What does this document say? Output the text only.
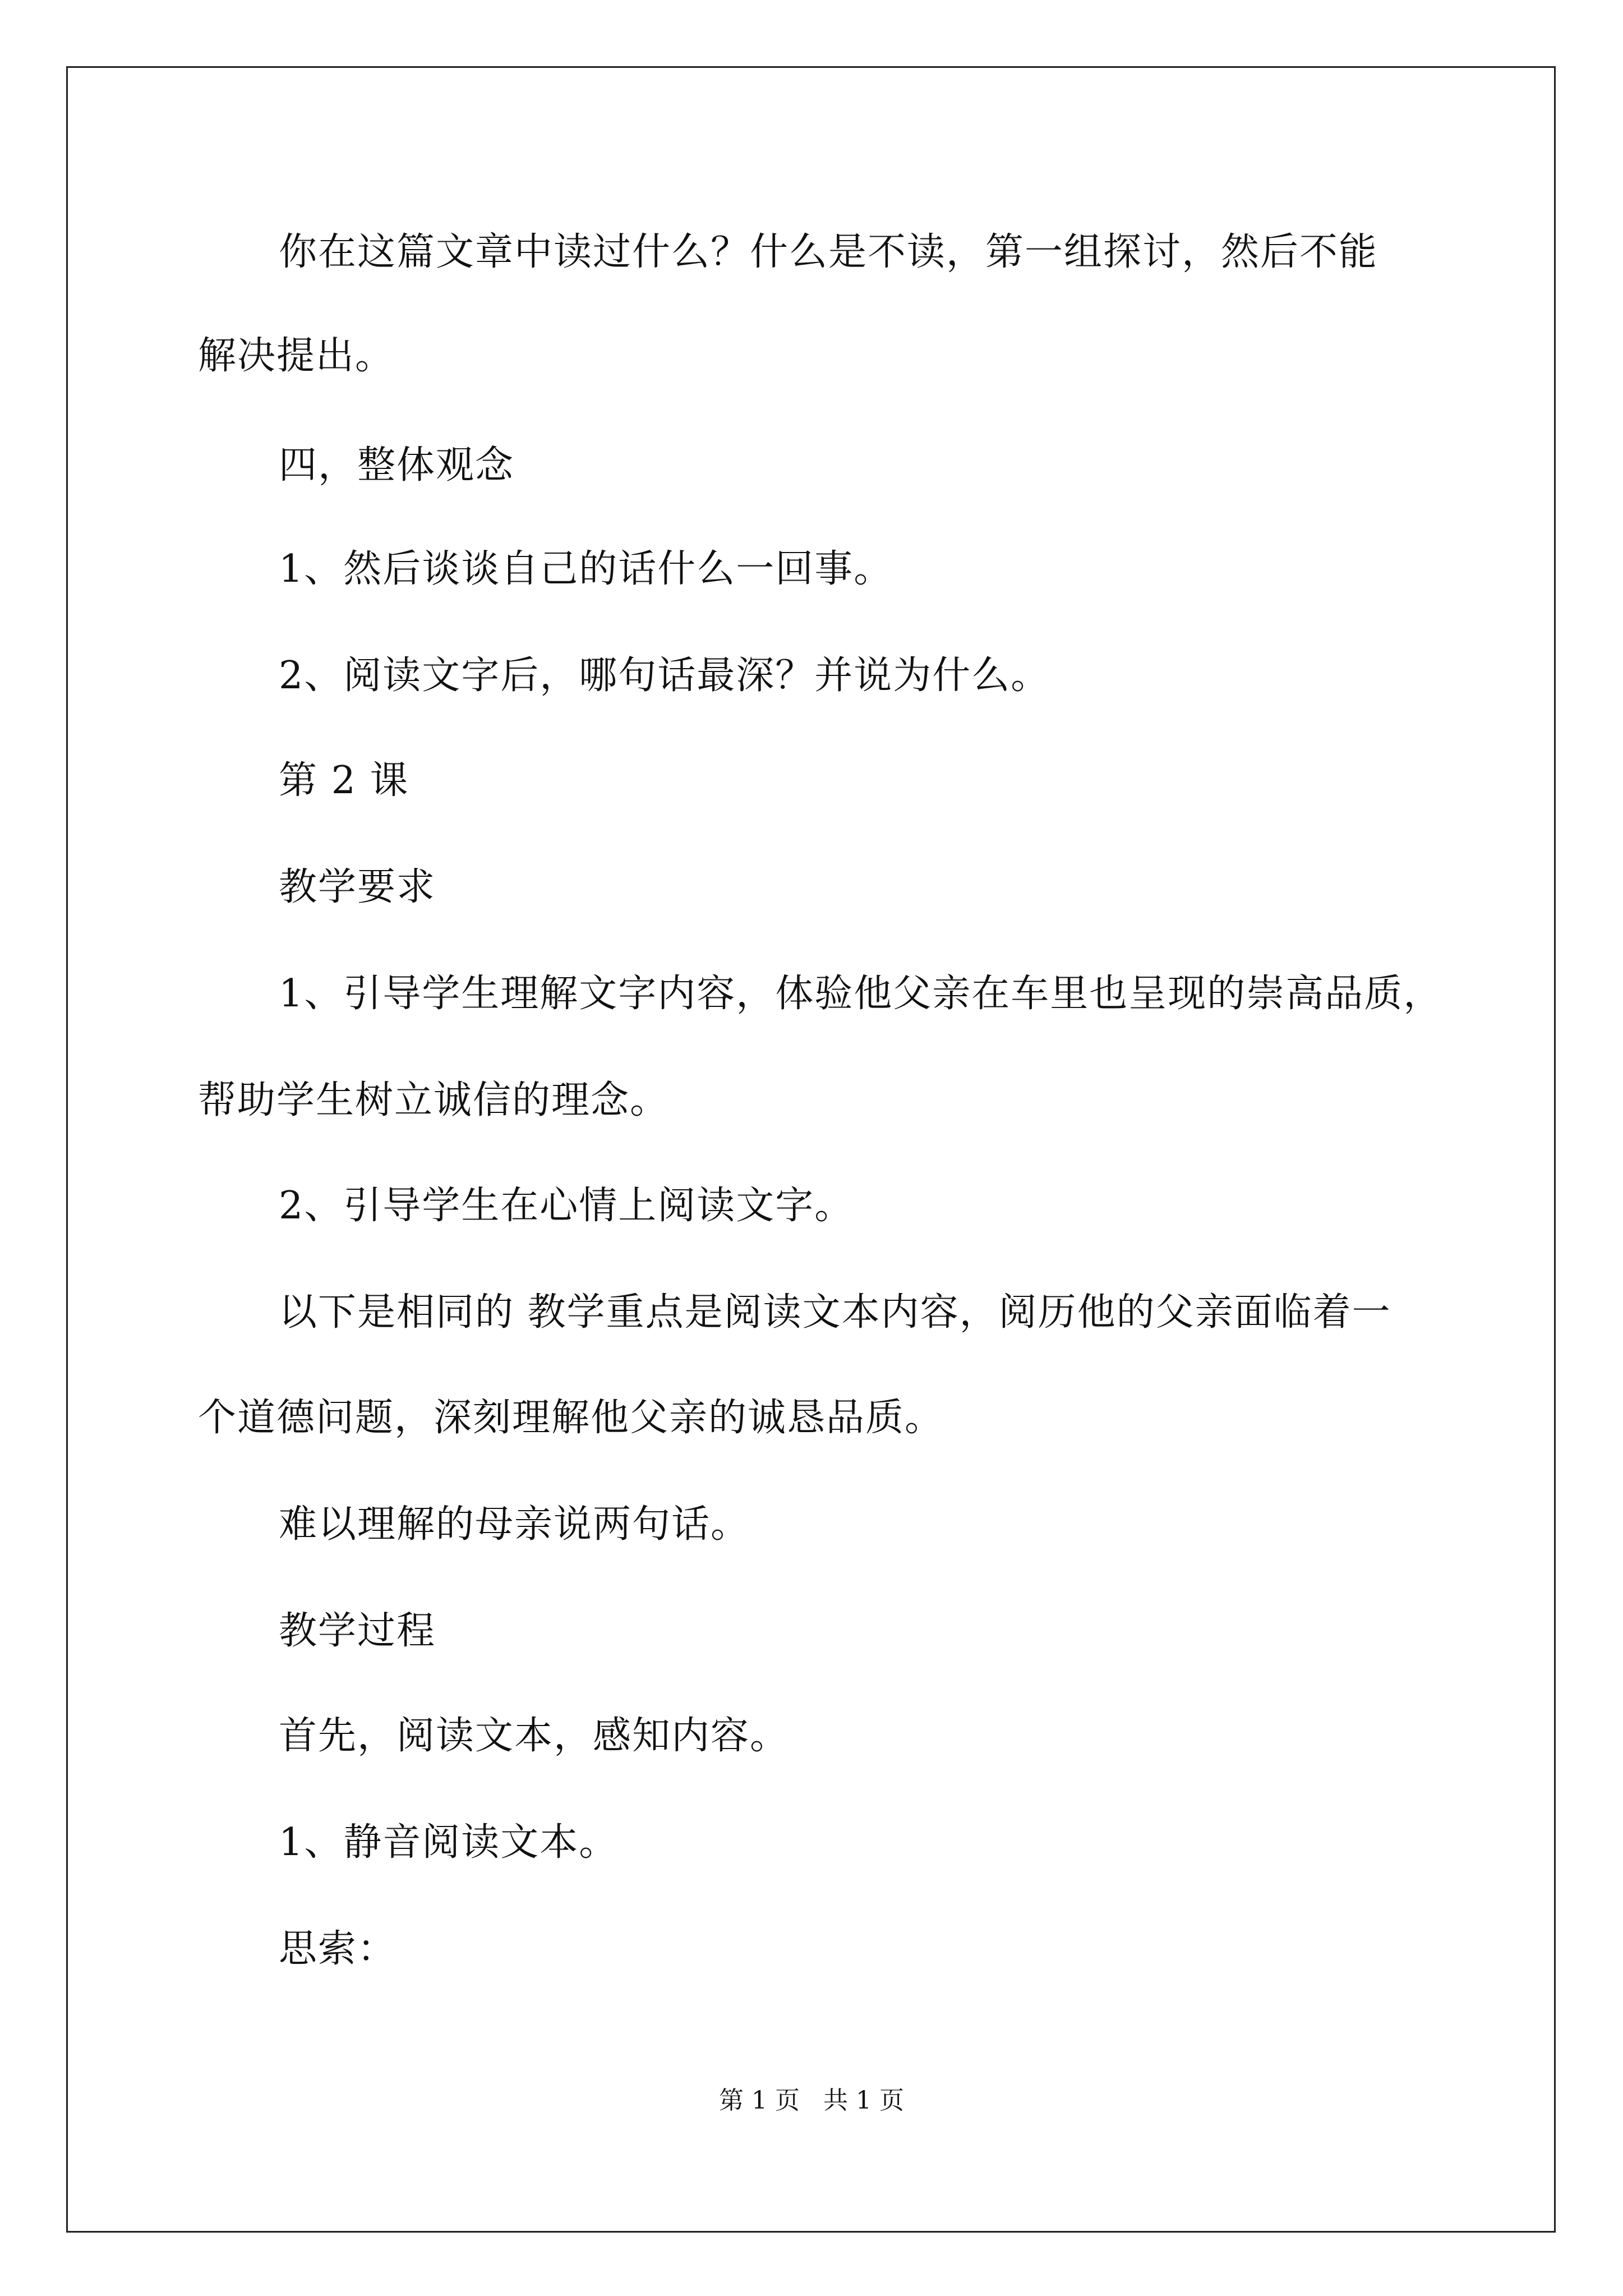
你在这篇文章中读过什么？什么是不读，第一组探讨，然后不能
解决提出。
四，整体观念
1、然后谈谈自己的话什么一回事。
2、阅读文字后，哪句话最深？并说为什么。
第 2 课
教学要求
1、引导学生理解文字内容，体验他父亲在车里也呈现的崇高品质，
帮助学生树立诚信的理念。
2、引导学生在心情上阅读文字。
以下是相同的 教学重点是阅读文本内容，阅历他的父亲面临着一
个道德问题，深刻理解他父亲的诚恳品质。
难以理解的母亲说两句话。
教学过程
首先，阅读文本，感知内容。
1、静音阅读文本。
思索：
第 1 页   共 1 页
